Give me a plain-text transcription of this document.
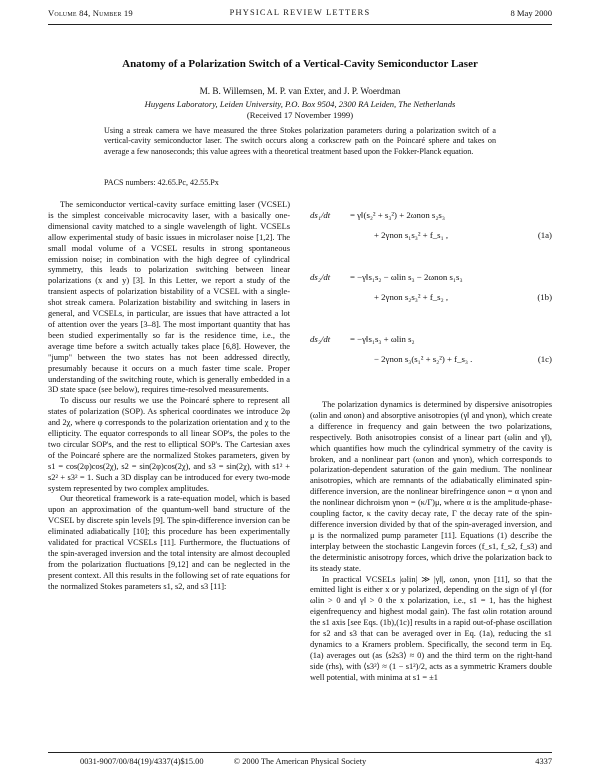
Volume 84, Number 19	PHYSICAL REVIEW LETTERS	8 May 2000
Anatomy of a Polarization Switch of a Vertical-Cavity Semiconductor Laser
M. B. Willemsen, M. P. van Exter, and J. P. Woerdman
Huygens Laboratory, Leiden University, P.O. Box 9504, 2300 RA Leiden, The Netherlands
(Received 17 November 1999)
Using a streak camera we have measured the three Stokes polarization parameters during a polarization switch of a vertical-cavity semiconductor laser. The switch occurs along a corkscrew path on the Poincaré sphere and takes on average a few nanoseconds; this value agrees with a theoretical treatment based upon the Fokker-Planck equation.
PACS numbers: 42.65.Pc, 42.55.Px

The semiconductor vertical-cavity surface emitting laser (VCSEL) is the simplest conceivable microcavity laser, with a basically one-dimensional cavity matched to a single wavelength of light. VCSELs allow experimental study of basic issues in microlaser noise [1,2]. The small modal volume of a VCSEL results in strong spontaneous emission noise; in combination with the high degree of cylindrical symmetry, this leads to polarization switching between linear polarizations (x and y) [3]. In this Letter, we report a study of the transient aspects of polarization bistability of a VCSEL with a single-shot streak camera. Polarization bistability and switching in lasers in general, and VCSELs, in particular, are issues that have attracted a lot of attention over the years [3–8]. The most important quantity that has been studied experimentally so far is the residence time, i.e., the average time before a switch actually takes place [6,8]. However, the "jump" between the two states has not been addressed directly, presumably because it occurs on a much faster time scale. Proper understanding of the switching route, which is generally embedded in a 3D state space (see below), requires time-resolved measurements.

To discuss our results we use the Poincaré sphere to represent all states of polarization (SOP). As spherical coordinates we introduce 2φ and 2χ, where φ corresponds to the polarization orientation and χ to the ellipticity. The equator corresponds to all linear SOP's, the poles to the two circular SOP's, and the rest to elliptical SOP's. The Cartesian axes of the Poincaré sphere are the normalized Stokes parameters, given by s1 = cos(2φ)cos(2χ), s2 = sin(2φ)cos(2χ), and s3 = sin(2χ), with s1² + s2² + s3² = 1. Such a 3D display can be introduced for every two-mode system represented by two complex amplitudes.

Our theoretical framework is a rate-equation model, which is based upon an approximation of the quantum-well band structure of the VCSEL by discrete spin levels [9]. The spin-difference inversion can be eliminated adiabatically [10]; this procedure has been experimentally validated for practical VCSELs [11]. Furthermore, the fluctuations of the spin-averaged inversion and the total intensity are almost decoupled from the polarization fluctuations [9,12] and can be neglected in the present context. All this results in the following set of rate equations for the normalized Stokes parameters s1, s2, and s3 [11]:

ds₁/dt = γ‖(s₂² + s₃²) + 2ωnon s₂s₃
+ 2γnon s₁s₃² + f_s₁ ,	(1a)
ds₂/dt = −γ‖s₁s₂ − ωlin s₃ − 2ωnon s₁s₃
+ 2γnon s₂s₃² + f_s₂ ,	(1b)
ds₃/dt = −γ‖s₁s₃ + ωlin s₂
− 2γnon s₃(s₁² + s₂²) + f_s₃ .	(1c)

The polarization dynamics is determined by dispersive anisotropies (ωlin and ωnon) and absorptive anisotropies (γ‖ and γnon), which create a difference in frequency and gain between the two polarizations, respectively. Both anisotropies consist of a linear part (ωlin and γ‖), which quantifies how much the cylindrical symmetry of the cavity is broken, and a nonlinear part (ωnon and γnon), which corresponds to polarization-dependent saturation of the gain medium. The nonlinear anisotropies, which are remnants of the adiabatically eliminated spin-difference inversion, are the nonlinear birefringence ωnon = α γnon and the nonlinear dichroism γnon = (κ/Γ)μ, where α is the amplitude-phase-coupling factor, κ the cavity decay rate, Γ the decay rate of the spin-difference inversion divided by that of the spin-averaged inversion, and μ is the normalized pump parameter [11]. Equations (1) describe the interplay between the stochastic Langevin forces (f_s1, f_s2, f_s3) and the deterministic anisotropy forces, which drive the polarization back to its steady state.

In practical VCSELs |ωlin| ≫ |γ‖|, ωnon, γnon [11], so that the emitted light is either x or y polarized, depending on the sign of γ‖ (for ωlin > 0 and γ‖ > 0 the x polarization, i.e., s1 = 1, has the highest eigenfrequency and highest modal gain). The fast ωlin rotation around the s1 axis [see Eqs. (1b),(1c)] results in a rapid out-of-phase oscillation for s2 and s3 that can be averaged over in Eq. (1a), reducing the s1 dynamics to a Kramers problem. Specifically, the second term in Eq. (1a) averages out (as ⟨s2s3⟩ ≈ 0) and the third term on the right-hand side (rhs), with ⟨s3²⟩ ≈ (1 − s1²)/2, acts as a symmetric Kramers double well potential, with minima at s1 = ±1

0031-9007/00/84(19)/4337(4)$15.00	© 2000 The American Physical Society	4337
